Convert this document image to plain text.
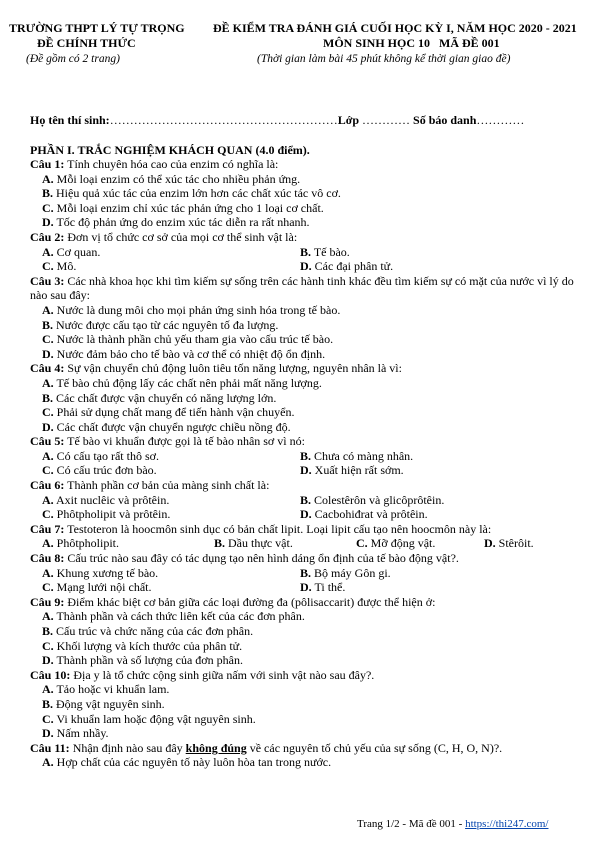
TRƯỜNG THPT LÝ TỰ TRỌNG
ĐỀ CHÍNH THỨC
(Đề gồm có 2 trang)
ĐỀ KIỂM TRA ĐÁNH GIÁ CUỐI HỌC KỲ I, NĂM HỌC 2020 - 2021
MÔN SINH HỌC 10 MÃ ĐỀ 001
(Thời gian làm bài 45 phút không kể thời gian giao đề)
Họ tên thí sinh:…………………………………………………Lớp ………… Số báo danh…………
PHẦN I. TRẮC NGHIỆM KHÁCH QUAN (4.0 điểm).
Câu 1: Tính chuyên hóa cao của enzim có nghĩa là:
A. Mỗi loại enzim có thể xúc tác cho nhiều phản ứng.
B. Hiệu quả xúc tác của enzim lớn hơn các chất xúc tác vô cơ.
C. Mỗi loại enzim chỉ xúc tác phản ứng cho 1 loại cơ chất.
D. Tốc độ phản ứng do enzim xúc tác diễn ra rất nhanh.
Câu 2: Đơn vị tổ chức cơ sở của mọi cơ thể sinh vật là:
A. Cơ quan.	B. Tế bào.
C. Mô.	D. Các đại phân tử.
Câu 3: Các nhà khoa học khi tìm kiếm sự sống trên các hành tinh khác đều tìm kiếm sự có mặt của nước vì lý do nào sau đây:
A. Nước là dung môi cho mọi phản ứng sinh hóa trong tế bào.
B. Nước được cấu tạo từ các nguyên tố đa lượng.
C. Nước là thành phần chủ yếu tham gia vào cấu trúc tế bào.
D. Nước đảm bảo cho tế bào và cơ thể có nhiệt độ ổn định.
Câu 4: Sự vận chuyển chủ động luôn tiêu tốn năng lượng, nguyên nhân là vì:
A. Tế bào chủ động lấy các chất nên phải mất năng lượng.
B. Các chất được vận chuyển có năng lượng lớn.
C. Phải sử dụng chất mang để tiến hành vận chuyển.
D. Các chất được vận chuyển ngược chiều nồng độ.
Câu 5: Tế bào vi khuẩn được gọi là tế bào nhân sơ vì nó:
A. Có cấu tạo rất thô sơ.	B. Chưa có màng nhân.
C. Có cấu trúc đơn bào.	D. Xuất hiện rất sớm.
Câu 6: Thành phần cơ bản của màng sinh chất là:
A. Axit nuclêic và prôtêin.	B. Colestêrôn và glicôprôtêin.
C. Phôtpholipit và prôtêin.	D. Cacbohiđrat và prôtêin.
Câu 7: Testoteron là hoocmôn sinh dục có bản chất lipit. Loại lipit cấu tạo nên hoocmôn này là:
A. Phôtpholipit.	B. Dầu thực vật.	C. Mỡ động vật.	D. Stêrôit.
Câu 8: Cấu trúc nào sau đây có tác dụng tạo nên hình dáng ổn định của tế bào động vật?.
A. Khung xương tế bào.	B. Bộ máy Gôn gi.
C. Mạng lưới nội chất.	D. Ti thể.
Câu 9: Điểm khác biệt cơ bản giữa các loại đường đa (pôlisaccarit) được thể hiện ở:
A. Thành phần và cách thức liên kết của các đơn phân.
B. Cấu trúc và chức năng của các đơn phân.
C. Khối lượng và kích thước của phân tử.
D. Thành phần và số lượng của đơn phân.
Câu 10: Địa y là tổ chức cộng sinh giữa nấm với sinh vật nào sau đây?.
A. Tảo hoặc vi khuẩn lam.
B. Động vật nguyên sinh.
C. Vi khuẩn lam hoặc động vật nguyên sinh.
D. Nấm nhầy.
Câu 11: Nhận định nào sau đây không đúng về các nguyên tố chủ yếu của sự sống (C, H, O, N)?.
A. Hợp chất của các nguyên tố này luôn hòa tan trong nước.
Trang 1/2 - Mã đề 001 - https://thi247.com/
